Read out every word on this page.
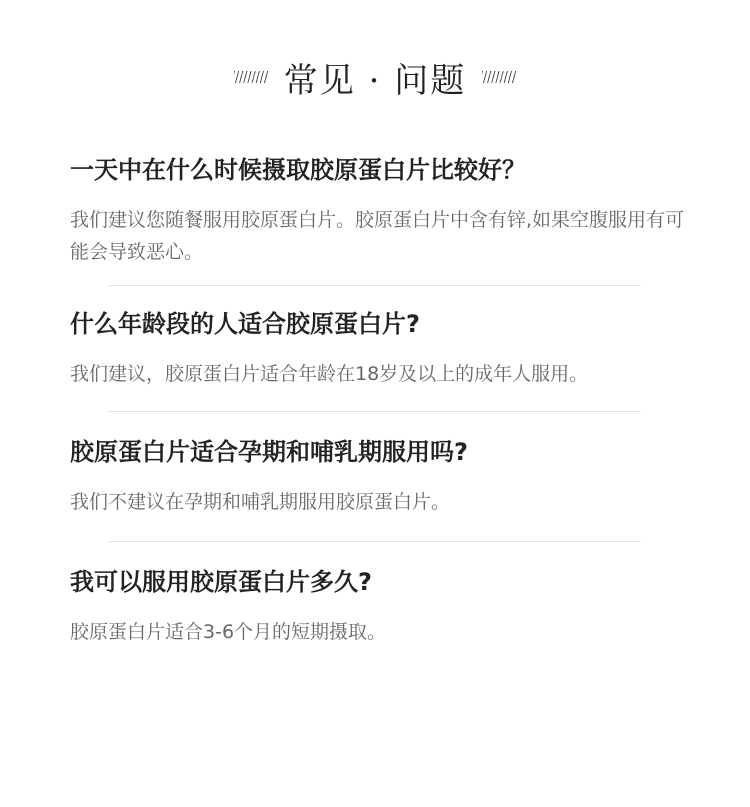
常见 · 问题
一天中在什么时候摄取胶原蛋白片比较好？
我们建议您随餐服用胶原蛋白片。胶原蛋白片中含有锌,如果空腹服用有可能会导致恶心。
什么年龄段的人适合胶原蛋白片?
我们建议，胶原蛋白片适合年龄在18岁及以上的成年人服用。
胶原蛋白片适合孕期和哺乳期服用吗?
我们不建议在孕期和哺乳期服用胶原蛋白片。
我可以服用胶原蛋白片多久?
胶原蛋白片适合3-6个月的短期摄取。
